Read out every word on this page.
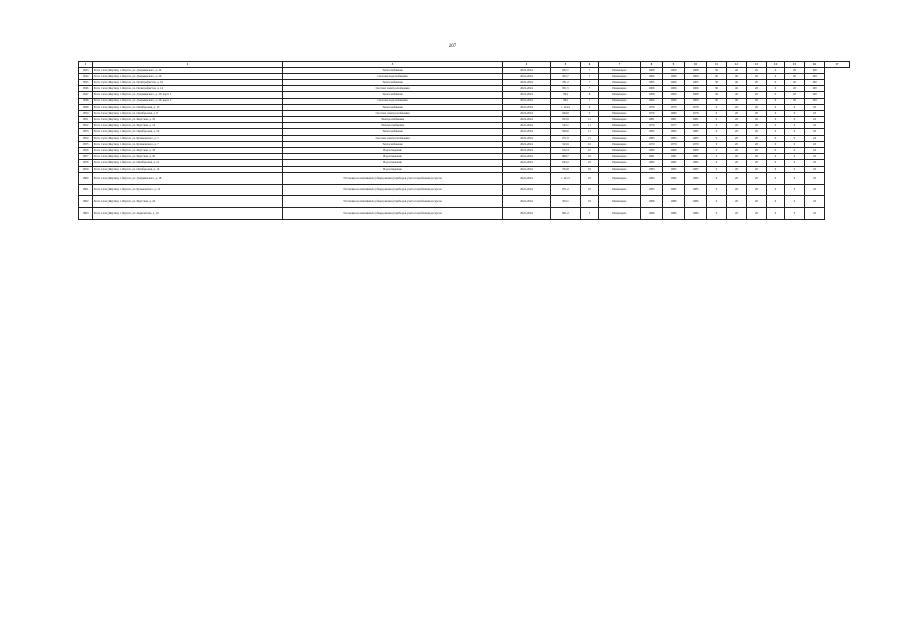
207
1	2	3	4	5	6	7	8	9	10	11	12	13	14	15	16	17
1843	Респ. Саха (Якутия), г. Якутск, ул. Дзержинского, д. 24	Теплоснабжение	2022-2024	832,1	7	Инженерно	1968	1969	1968	30	40	20	0	20	100	
1844	Респ. Саха (Якутия), г. Якутск, ул. Дзержинского, д. 26	Система водоснабжения	2022-2024	922,7	7	Инженерно	1969	1969	1969	30	40	20	0	20	100	
1845	Респ. Саха (Якутия), г. Якутск, ул. Полиграфистов, д. 16	Теплоснабжение	2022-2024	781,2	7	Инженерно	1965	1966	1965	30	40	20	0	20	100	
1846	Респ. Саха (Якутия), г. Якутск, ул. Полиграфистов, д. 14	Система электроснабжения	2022-2024	831,5	7	Инженерно	1966	1966	1966	30	40	20	0	20	100	
1847	Респ. Саха (Якутия), г. Якутск, ул. Дзержинского, д. 20, корп. 1	Теплоснабжение	2022-2024	864	8	Инженерно	1968	1969	1968	30	40	20	0	20	100	
1848	Респ. Саха (Якутия), г. Якутск, ул. Дзержинского, д. 20, корп. 2	Система водоснабжения	2022-2024	864	7	Инженерно	1969	1969	1969	30	40	20	0	20	100	
1849	Респ. Саха (Якутия), г. Якутск, ул. Октябрьская, д. 15	Теплоснабжение	2022-2024	1 124,4	9	Инженерно	1978	1979	1978	0	20	20	0	0	43	
1850	Респ. Саха (Якутия), г. Якутск, ул. Октябрьская, д. 8	Система электроснабжения	2022-2024	949,8	9	Инженерно	1979	1980	1979	0	20	20	0	0	43	
1851	Респ. Саха (Якутия), г. Якутск, ул. Якутская, д. 10	Электроснабжение	2022-2024	813,9	11	Инженерно	1981	1981	1981	0	20	20	0	0	43	
1852	Респ. Саха (Якутия), г. Якутск, ул. Якутская, д. 14	Электроснабжение	2022-2024	543,1	11	Инженерно	1976	1977	1976	0	20	20	0	0	43	
1853	Респ. Саха (Якутия), г. Якутск, ул. Октябрьская, д. 22	Теплоснабжение	2022-2024	849,0	11	Инженерно	1982	1982	1982	0	20	20	0	0	43	
1854	Респ. Саха (Якутия), г. Якутск, ул. Кулаковского, д. 5	Система электроснабжения	2022-2024	671,9	11	Инженерно	1983	1983	1983	0	20	20	0	0	43	
1855	Респ. Саха (Якутия), г. Якутск, ул. Кулаковского, д. 7	Теплоснабжение	2022-2024	543,9	10	Инженерно	1979	1979	1979	0	20	20	0	0	43	
1856	Респ. Саха (Якутия), г. Якутск, ул. Якутская, д. 18	Водоотведение	2022-2024	912,4	10	Инженерно	1980	1980	1980	0	20	20	0	0	43	
1857	Респ. Саха (Якутия), г. Якутск, ул. Якутская, д. 20	Водоотведение	2022-2024	869,7	10	Инженерно	1981	1981	1981	0	20	20	0	0	43	
1858	Респ. Саха (Якутия), г. Якутск, ул. Октябрьская, д. 21	Водоотведение	2022-2024	643,2	10	Инженерно	1982	1982	1982	0	20	20	0	0	43	
1859	Респ. Саха (Якутия), г. Якутск, ул. Октябрьская, д. 14	Водоотведение	2022-2024	764,8	10	Инженерно	1983	1983	1983	0	20	20	0	0	43	
1860	Респ. Саха (Якутия), г. Якутск, ул. Дзержинского, д. 18	Установка коллективных (общедомовых) приборов учета потребления ресурсов	2022-2024	1 121,5	10	Инженерно	1984	1984	1984	0	20	20	0	0	43	
1861	Респ. Саха (Якутия), г. Якутск, ул. Кулаковского, д. 12	Установка коллективных (общедомовых) приборов учета потребления ресурсов	2022-2024	871,2	10	Инженерно	1985	1985	1985	0	20	20	0	0	43	
1862	Респ. Саха (Якутия), г. Якутск, ул. Якутская, д. 24	Установка коллективных (общедомовых) приборов учета потребления ресурсов	2022-2024	593,1	10	Инженерно	1986	1986	1986	0	20	20	0	0	43	
1863	Респ. Саха (Якутия), г. Якутск, ул. Лермонтова, д. 19	Установка коллективных (общедомовых) приборов учета потребления ресурсов	2022-2024	691,2	5	Инженерно	1986	1986	1986	0	20	20	0	0	43	
